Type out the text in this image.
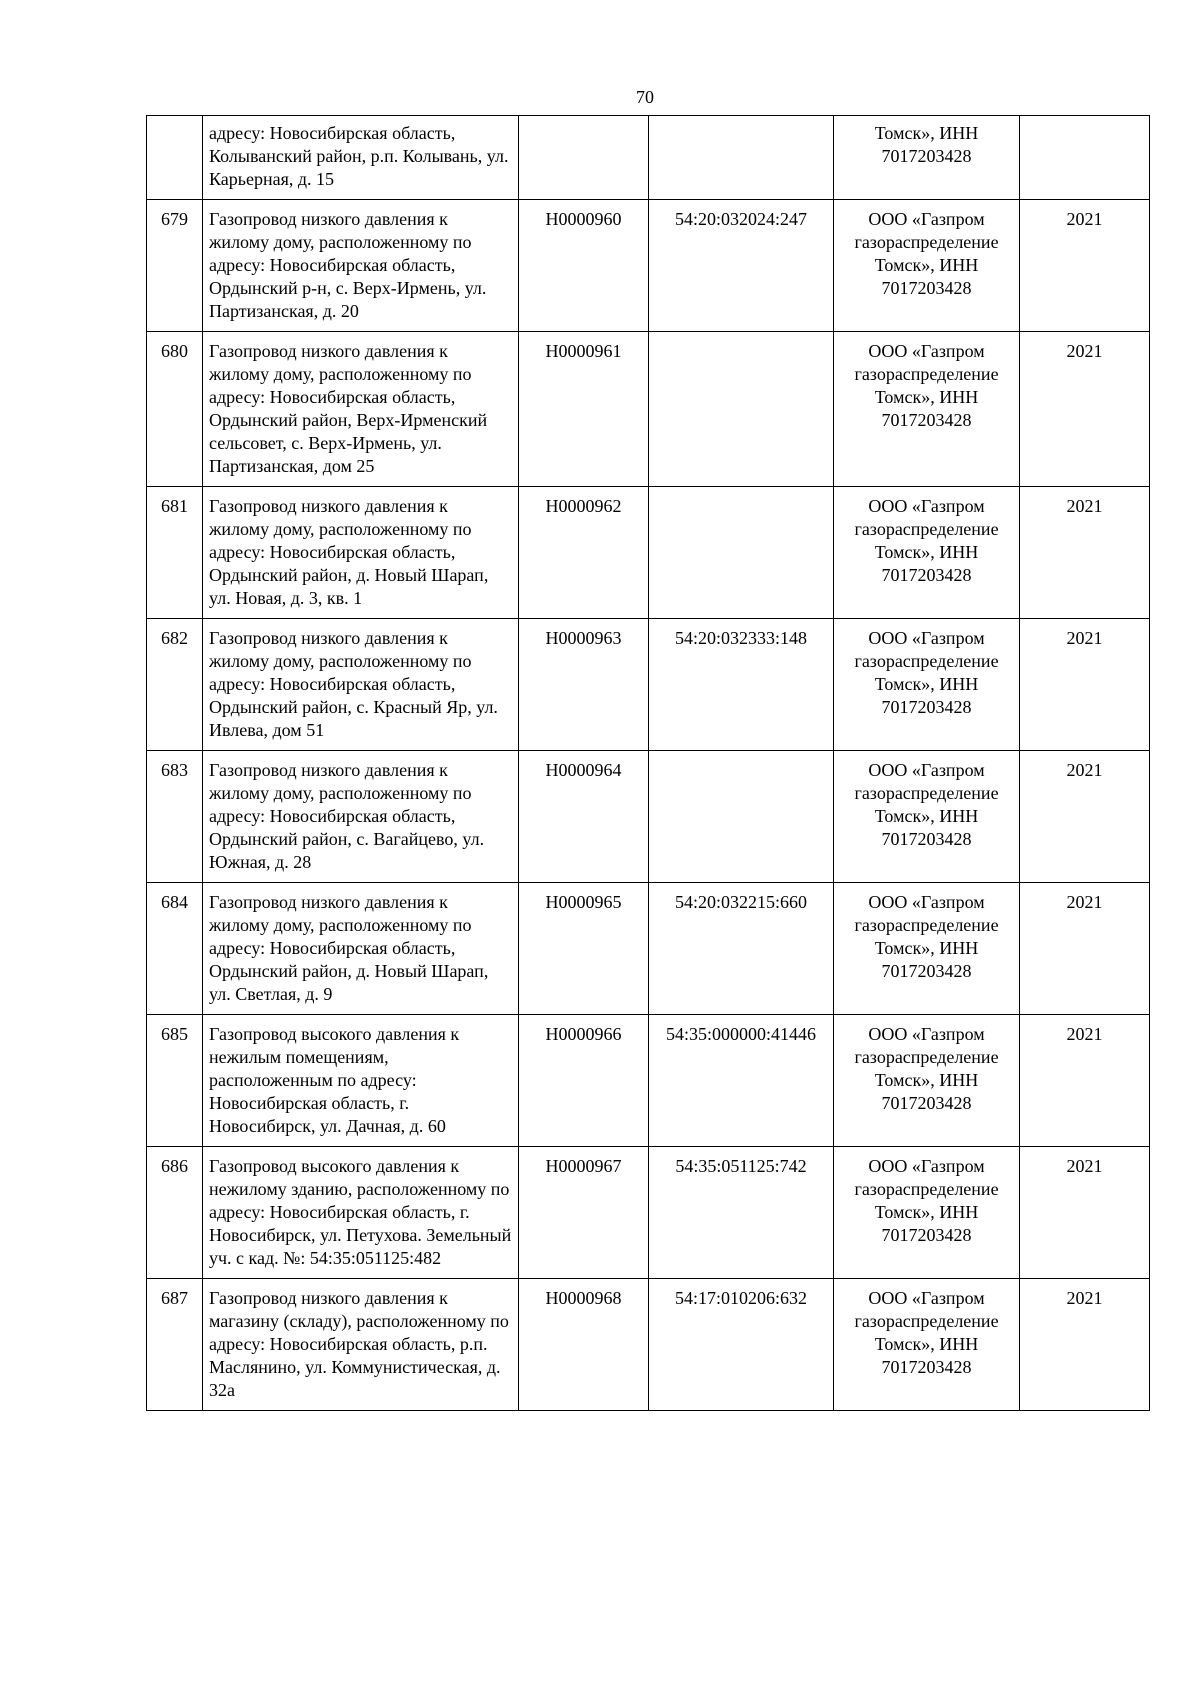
70
	адресу: Новосибирская область, Колыванский район, р.п. Колывань, ул. Карьерная, д. 15			Томск», ИНН 7017203428	
679	Газопровод низкого давления к жилому дому, расположенному по адресу: Новосибирская область, Ордынский р-н, с. Верх-Ирмень, ул. Партизанская, д. 20	Н0000960	54:20:032024:247	ООО «Газпром газораспределение Томск», ИНН 7017203428	2021
680	Газопровод низкого давления к жилому дому, расположенному по адресу: Новосибирская область, Ордынский район, Верх-Ирменский сельсовет, с. Верх-Ирмень, ул. Партизанская, дом 25	Н0000961		ООО «Газпром газораспределение Томск», ИНН 7017203428	2021
681	Газопровод низкого давления к жилому дому, расположенному по адресу: Новосибирская область, Ордынский район, д. Новый Шарап, ул. Новая, д. 3, кв. 1	Н0000962		ООО «Газпром газораспределение Томск», ИНН 7017203428	2021
682	Газопровод низкого давления к жилому дому, расположенному по адресу: Новосибирская область, Ордынский район, с. Красный Яр, ул. Ивлева, дом 51	Н0000963	54:20:032333:148	ООО «Газпром газораспределение Томск», ИНН 7017203428	2021
683	Газопровод низкого давления к жилому дому, расположенному по адресу: Новосибирская область, Ордынский район, с. Вагайцево, ул. Южная, д. 28	Н0000964		ООО «Газпром газораспределение Томск», ИНН 7017203428	2021
684	Газопровод низкого давления к жилому дому, расположенному по адресу: Новосибирская область, Ордынский район, д. Новый Шарап, ул. Светлая, д. 9	Н0000965	54:20:032215:660	ООО «Газпром газораспределение Томск», ИНН 7017203428	2021
685	Газопровод высокого давления к нежилым помещениям, расположенным по адресу: Новосибирская область, г. Новосибирск, ул. Дачная, д. 60	Н0000966	54:35:000000:41446	ООО «Газпром газораспределение Томск», ИНН 7017203428	2021
686	Газопровод высокого давления к нежилому зданию, расположенному по адресу: Новосибирская область, г. Новосибирск, ул. Петухова. Земельный уч. с кад. №: 54:35:051125:482	Н0000967	54:35:051125:742	ООО «Газпром газораспределение Томск», ИНН 7017203428	2021
687	Газопровод низкого давления к магазину (складу), расположенному по адресу: Новосибирская область, р.п. Маслянино, ул. Коммунистическая, д. 32а	Н0000968	54:17:010206:632	ООО «Газпром газораспределение Томск», ИНН 7017203428	2021
